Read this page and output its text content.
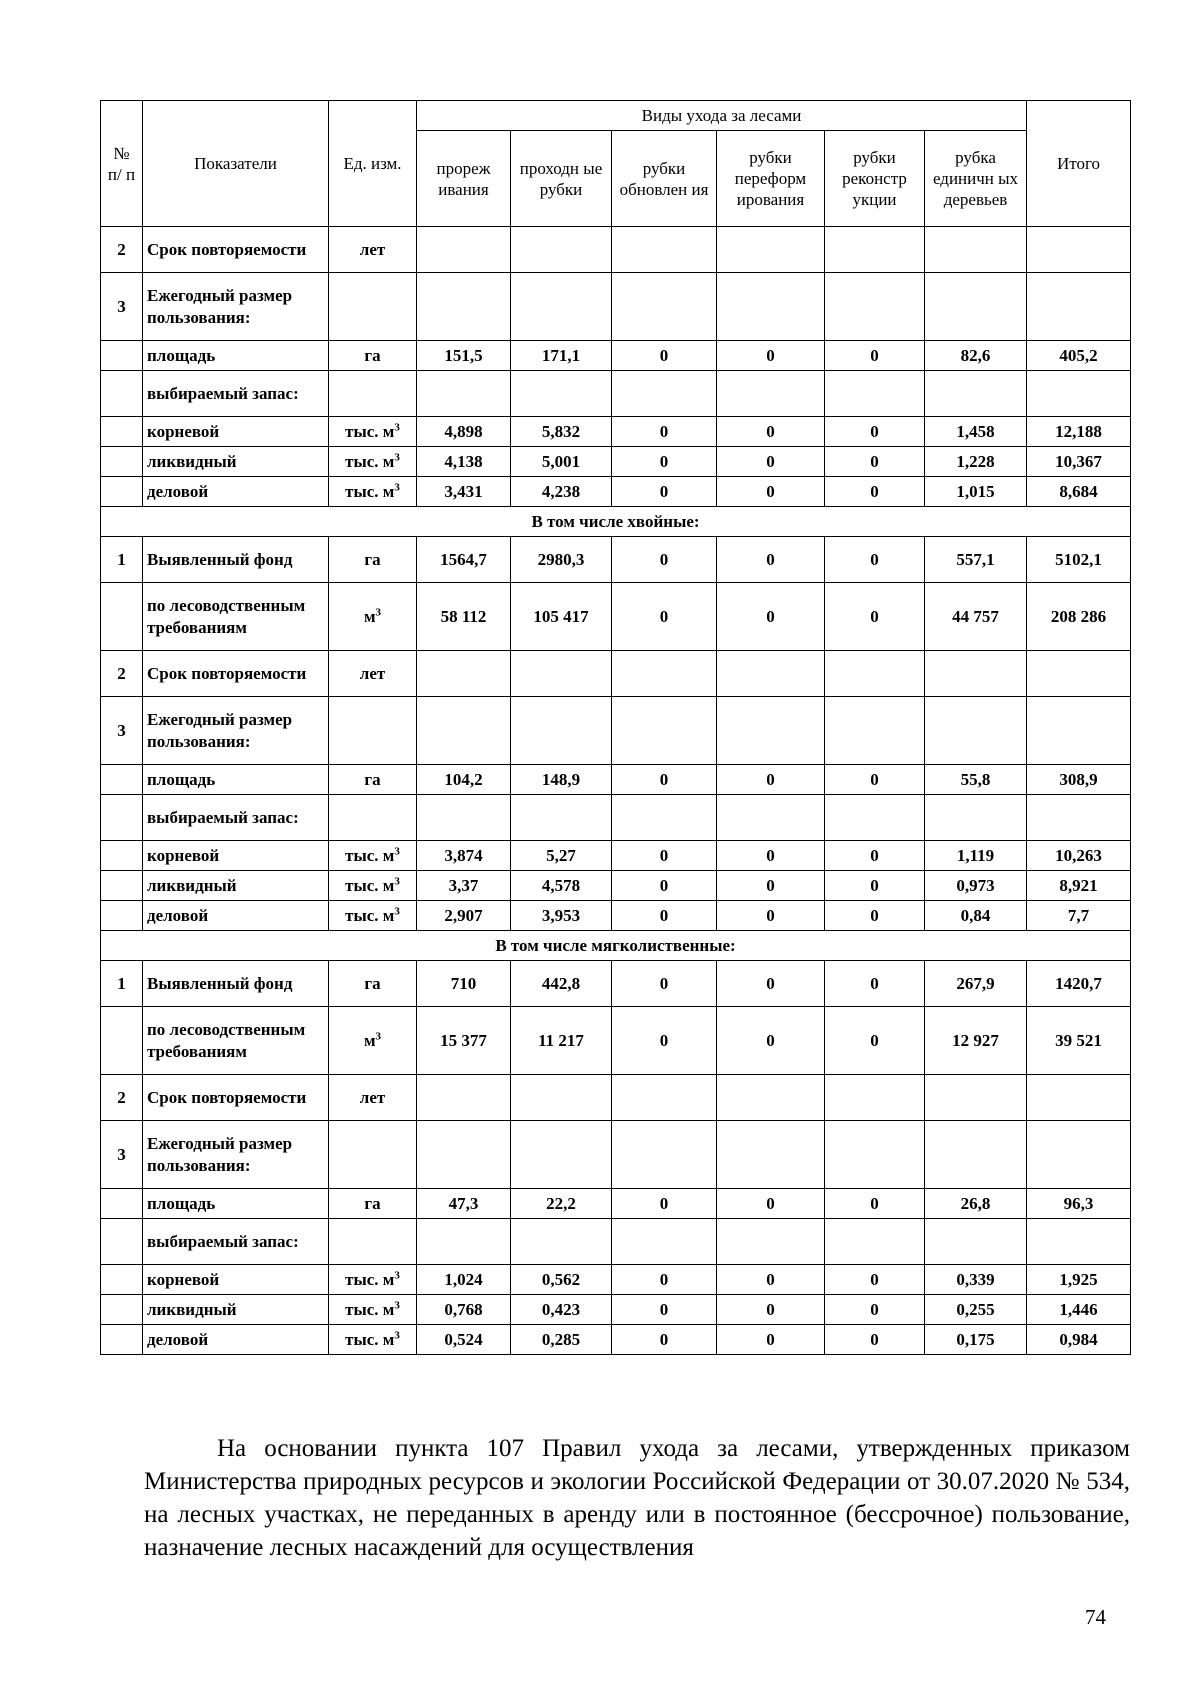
№ п/ п	Показатели	Ед. изм.	Виды ухода за лесами						Итого
			прореж ивания	проходн ые рубки	рубки обновлен ия	рубки переформ ирования	рубки реконстр укции	рубка единичн ых деревьев	
2	Срок повторяемости	лет							
3	Ежегодный размер пользования:								
	площадь	га	151,5	171,1	0	0	0	82,6	405,2
	выбираемый запас:								
	корневой	тыс. $м^3$	4,898	5,832	0	0	0	1,458	12,188
	ликвидный	тыс. $м^3$	4,138	5,001	0	0	0	1,228	10,367
	деловой	тыс. $м^3$	3,431	4,238	0	0	0	1,015	8,684
В том числе хвойные:									
1	Выявленный фонд	га	1564,7	2980,3	0	0	0	557,1	5102,1
	по лесоводственным требованиям	$м^3$	58 112	105 417	0	0	0	44 757	208 286
2	Срок повторяемости	лет							
3	Ежегодный размер пользования:								
	площадь	га	104,2	148,9	0	0	0	55,8	308,9
	выбираемый запас:								
	корневой	тыс. $м^3$	3,874	5,27	0	0	0	1,119	10,263
	ликвидный	тыс. $м^3$	3,37	4,578	0	0	0	0,973	8,921
	деловой	тыс. $м^3$	2,907	3,953	0	0	0	0,84	7,7
В том числе мягколиственные:									
1	Выявленный фонд	га	710	442,8	0	0	0	267,9	1420,7
	по лесоводственным требованиям	$м^3$	15 377	11 217	0	0	0	12 927	39 521
2	Срок повторяемости	лет							
3	Ежегодный размер пользования:								
	площадь	га	47,3	22,2	0	0	0	26,8	96,3
	выбираемый запас:								
	корневой	тыс. $м^3$	1,024	0,562	0	0	0	0,339	1,925
	ликвидный	тыс. $м^3$	0,768	0,423	0	0	0	0,255	1,446
	деловой	тыс. $м^3$	0,524	0,285	0	0	0	0,175	0,984

На основании пункта 107 Правил ухода за лесами, утвержденных приказом Министерства природных ресурсов и экологии Российской Федерации от 30.07.2020 № 534, на лесных участках, не переданных в аренду или в постоянное (бессрочное) пользование, назначение лесных насаждений для осуществления

74
